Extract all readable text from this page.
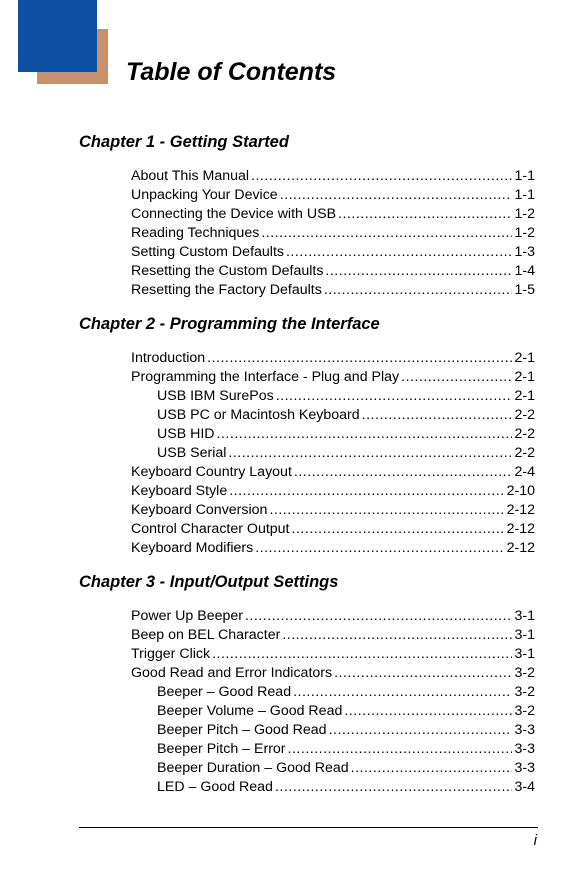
Table of Contents
Chapter 1 - Getting Started
About This Manual .....	1-1
Unpacking Your Device .....	1-1
Connecting the Device with USB .....	1-2
Reading Techniques .....	1-2
Setting Custom Defaults .....	1-3
Resetting the Custom Defaults .....	1-4
Resetting the Factory Defaults .....	1-5
Chapter 2 - Programming the Interface
Introduction .....	2-1
Programming the Interface - Plug and Play .....	2-1
USB IBM SurePos .....	2-1
USB PC or Macintosh Keyboard .....	2-2
USB HID .....	2-2
USB Serial .....	2-2
Keyboard Country Layout .....	2-4
Keyboard Style .....	2-10
Keyboard Conversion .....	2-12
Control Character Output .....	2-12
Keyboard Modifiers .....	2-12
Chapter 3 - Input/Output Settings
Power Up Beeper .....	3-1
Beep on BEL Character .....	3-1
Trigger Click .....	3-1
Good Read and Error Indicators .....	3-2
Beeper – Good Read .....	3-2
Beeper Volume – Good Read .....	3-2
Beeper Pitch – Good Read .....	3-3
Beeper Pitch – Error .....	3-3
Beeper Duration – Good Read .....	3-3
LED – Good Read .....	3-4
i
